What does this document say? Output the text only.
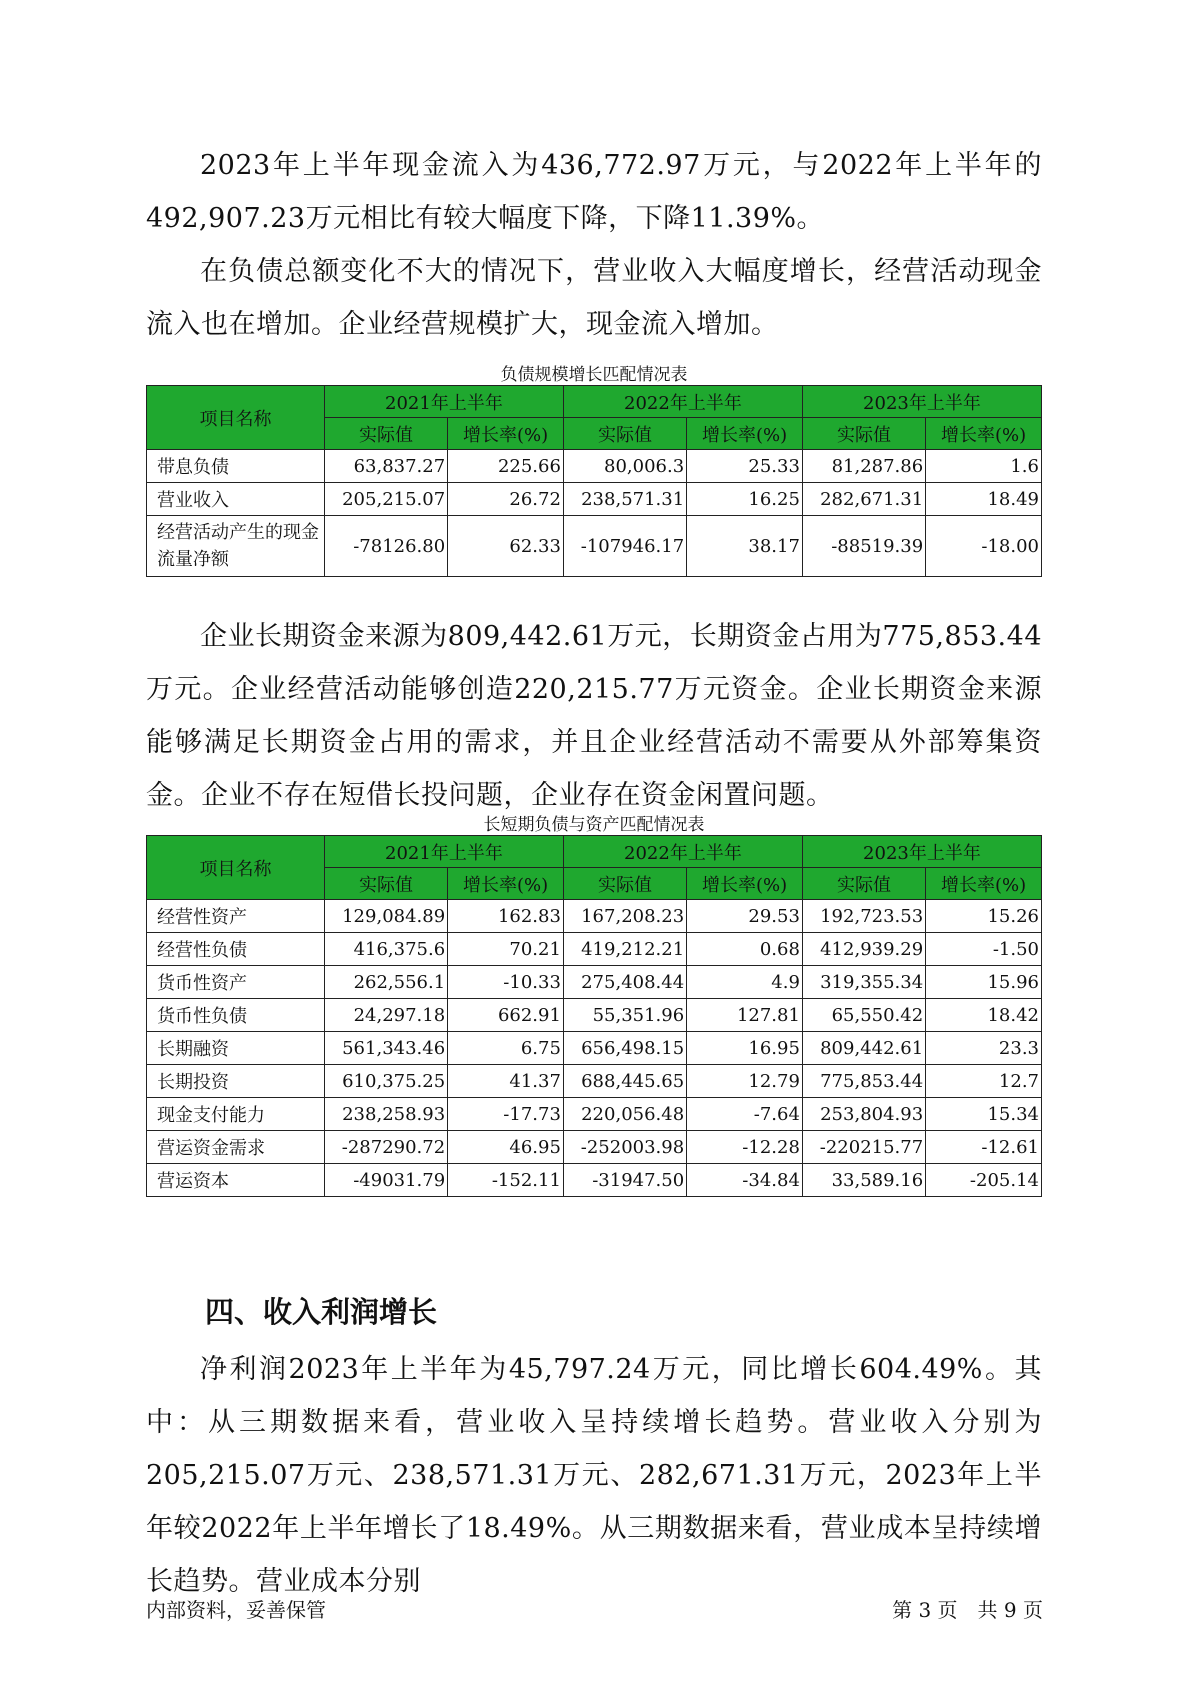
2023年上半年现金流入为436,772.97万元，与2022年上半年的492,907.23万元相比有较大幅度下降，下降11.39%。

在负债总额变化不大的情况下，营业收入大幅度增长，经营活动现金流入也在增加。企业经营规模扩大，现金流入增加。

负债规模增长匹配情况表

项目名称	2021年上半年		2022年上半年		2023年上半年	
	实际值	增长率(%)	实际值	增长率(%)	实际值	增长率(%)
带息负债	63,837.27	225.66	80,006.3	25.33	81,287.86	1.6
营业收入	205,215.07	26.72	238,571.31	16.25	282,671.31	18.49
经营活动产生的现金流量净额	-78126.80	62.33	-107946.17	38.17	-88519.39	-18.00

企业长期资金来源为809,442.61万元，长期资金占用为775,853.44万元。企业经营活动能够创造220,215.77万元资金。企业长期资金来源能够满足长期资金占用的需求，并且企业经营活动不需要从外部筹集资金。企业不存在短借长投问题，企业存在资金闲置问题。

长短期负债与资产匹配情况表

项目名称	2021年上半年		2022年上半年		2023年上半年	
	实际值	增长率(%)	实际值	增长率(%)	实际值	增长率(%)
经营性资产	129,084.89	162.83	167,208.23	29.53	192,723.53	15.26
经营性负债	416,375.6	70.21	419,212.21	0.68	412,939.29	-1.50
货币性资产	262,556.1	-10.33	275,408.44	4.9	319,355.34	15.96
货币性负债	24,297.18	662.91	55,351.96	127.81	65,550.42	18.42
长期融资	561,343.46	6.75	656,498.15	16.95	809,442.61	23.3
长期投资	610,375.25	41.37	688,445.65	12.79	775,853.44	12.7
现金支付能力	238,258.93	-17.73	220,056.48	-7.64	253,804.93	15.34
营运资金需求	-287290.72	46.95	-252003.98	-12.28	-220215.77	-12.61
营运资本	-49031.79	-152.11	-31947.50	-34.84	33,589.16	-205.14
四、收入利润增长

净利润2023年上半年为45,797.24万元，同比增长604.49%。其中：从三期数据来看，营业收入呈持续增长趋势。营业收入分别为205,215.07万元、238,571.31万元、282,671.31万元，2023年上半年较2022年上半年增长了18.49%。从三期数据来看，营业成本呈持续增长趋势。营业成本分别

内部资料，妥善保管	第 3 页　共 9 页
